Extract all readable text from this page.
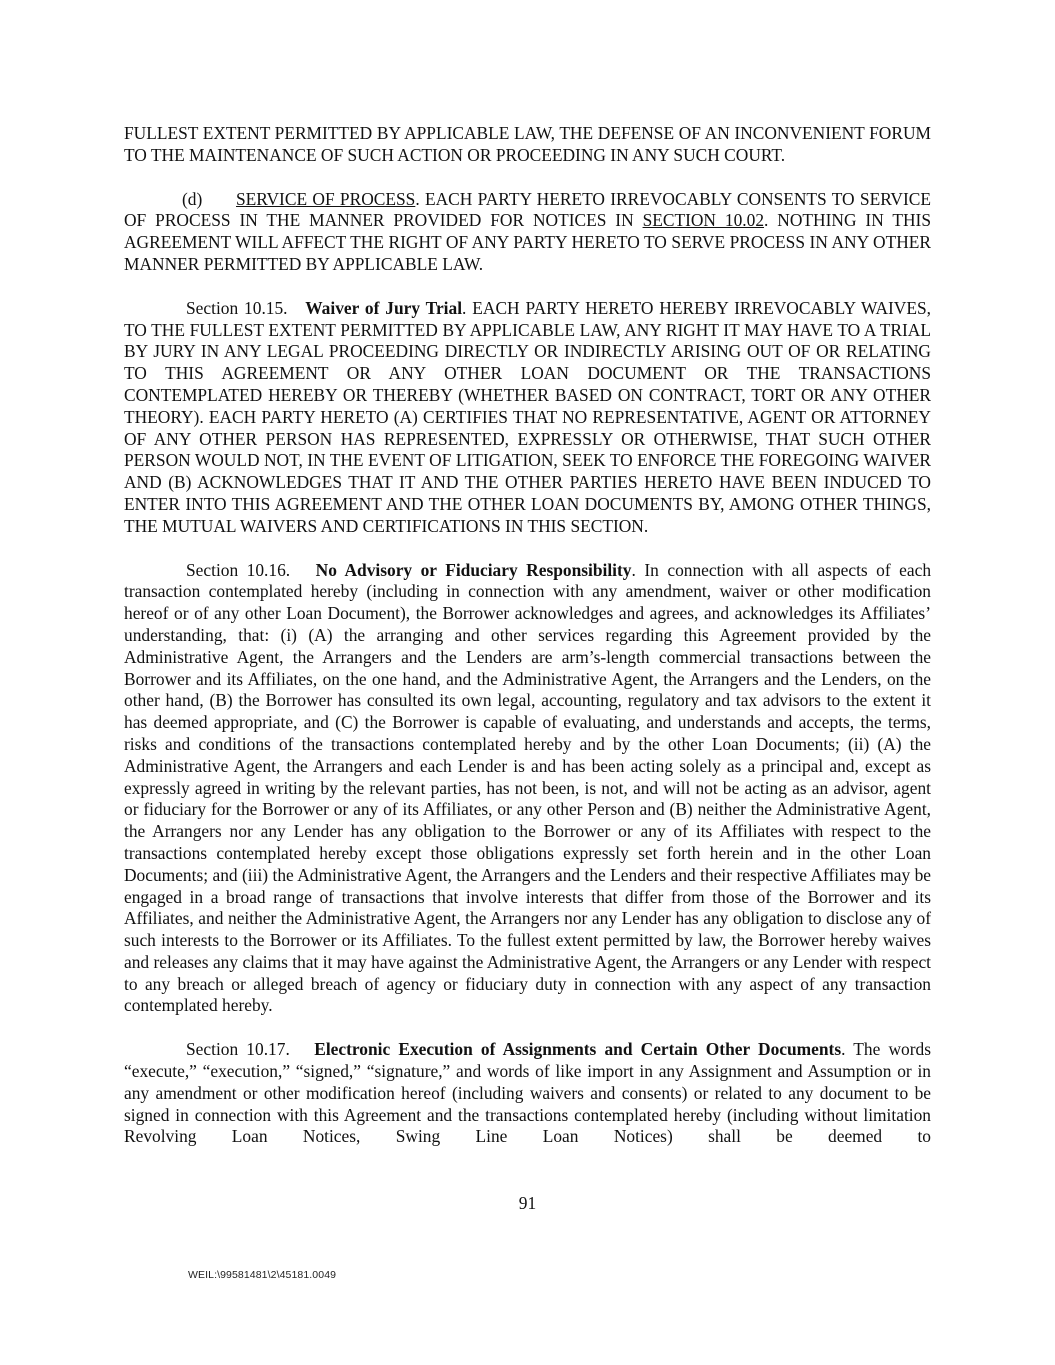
FULLEST EXTENT PERMITTED BY APPLICABLE LAW, THE DEFENSE OF AN INCONVENIENT FORUM TO THE MAINTENANCE OF SUCH ACTION OR PROCEEDING IN ANY SUCH COURT.

(d) SERVICE OF PROCESS. EACH PARTY HERETO IRREVOCABLY CONSENTS TO SERVICE OF PROCESS IN THE MANNER PROVIDED FOR NOTICES IN SECTION 10.02. NOTHING IN THIS AGREEMENT WILL AFFECT THE RIGHT OF ANY PARTY HERETO TO SERVE PROCESS IN ANY OTHER MANNER PERMITTED BY APPLICABLE LAW.

Section 10.15. Waiver of Jury Trial. EACH PARTY HERETO HEREBY IRREVOCABLY WAIVES, TO THE FULLEST EXTENT PERMITTED BY APPLICABLE LAW, ANY RIGHT IT MAY HAVE TO A TRIAL BY JURY IN ANY LEGAL PROCEEDING DIRECTLY OR INDIRECTLY ARISING OUT OF OR RELATING TO THIS AGREEMENT OR ANY OTHER LOAN DOCUMENT OR THE TRANSACTIONS CONTEMPLATED HEREBY OR THEREBY (WHETHER BASED ON CONTRACT, TORT OR ANY OTHER THEORY). EACH PARTY HERETO (A) CERTIFIES THAT NO REPRESENTATIVE, AGENT OR ATTORNEY OF ANY OTHER PERSON HAS REPRESENTED, EXPRESSLY OR OTHERWISE, THAT SUCH OTHER PERSON WOULD NOT, IN THE EVENT OF LITIGATION, SEEK TO ENFORCE THE FOREGOING WAIVER AND (B) ACKNOWLEDGES THAT IT AND THE OTHER PARTIES HERETO HAVE BEEN INDUCED TO ENTER INTO THIS AGREEMENT AND THE OTHER LOAN DOCUMENTS BY, AMONG OTHER THINGS, THE MUTUAL WAIVERS AND CERTIFICATIONS IN THIS SECTION.

Section 10.16. No Advisory or Fiduciary Responsibility. In connection with all aspects of each transaction contemplated hereby (including in connection with any amendment, waiver or other modification hereof or of any other Loan Document), the Borrower acknowledges and agrees, and acknowledges its Affiliates’ understanding, that: (i) (A) the arranging and other services regarding this Agreement provided by the Administrative Agent, the Arrangers and the Lenders are arm’s-length commercial transactions between the Borrower and its Affiliates, on the one hand, and the Administrative Agent, the Arrangers and the Lenders, on the other hand, (B) the Borrower has consulted its own legal, accounting, regulatory and tax advisors to the extent it has deemed appropriate, and (C) the Borrower is capable of evaluating, and understands and accepts, the terms, risks and conditions of the transactions contemplated hereby and by the other Loan Documents; (ii) (A) the Administrative Agent, the Arrangers and each Lender is and has been acting solely as a principal and, except as expressly agreed in writing by the relevant parties, has not been, is not, and will not be acting as an advisor, agent or fiduciary for the Borrower or any of its Affiliates, or any other Person and (B) neither the Administrative Agent, the Arrangers nor any Lender has any obligation to the Borrower or any of its Affiliates with respect to the transactions contemplated hereby except those obligations expressly set forth herein and in the other Loan Documents; and (iii) the Administrative Agent, the Arrangers and the Lenders and their respective Affiliates may be engaged in a broad range of transactions that involve interests that differ from those of the Borrower and its Affiliates, and neither the Administrative Agent, the Arrangers nor any Lender has any obligation to disclose any of such interests to the Borrower or its Affiliates. To the fullest extent permitted by law, the Borrower hereby waives and releases any claims that it may have against the Administrative Agent, the Arrangers or any Lender with respect to any breach or alleged breach of agency or fiduciary duty in connection with any aspect of any transaction contemplated hereby.

Section 10.17. Electronic Execution of Assignments and Certain Other Documents. The words “execute,” “execution,” “signed,” “signature,” and words of like import in any Assignment and Assumption or in any amendment or other modification hereof (including waivers and consents) or related to any document to be signed in connection with this Agreement and the transactions contemplated hereby (including without limitation Revolving Loan Notices, Swing Line Loan Notices) shall be deemed to

91
WEIL:\99581481\2\45181.0049
